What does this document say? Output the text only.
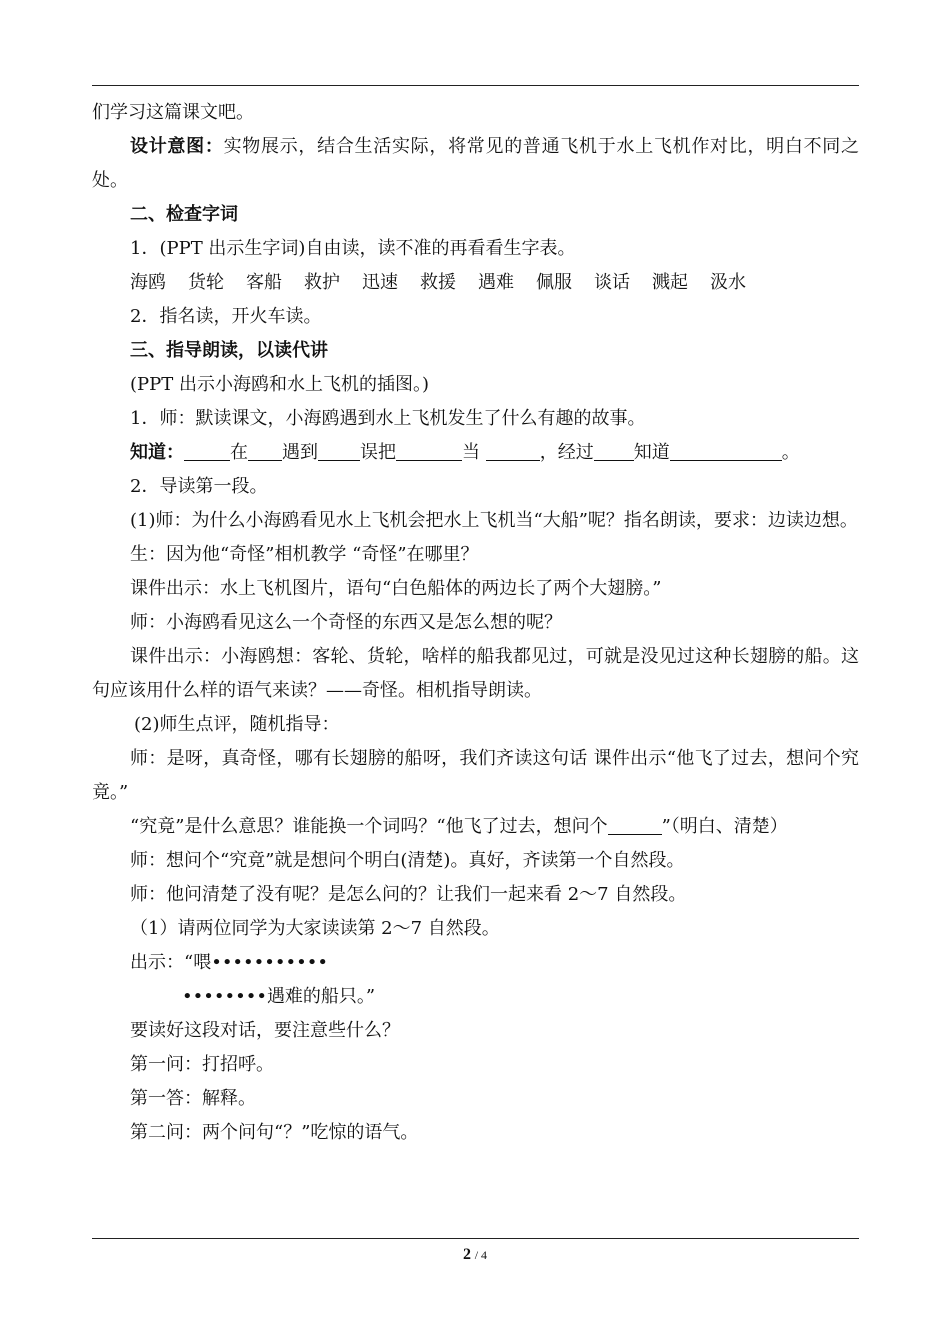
们学习这篇课文吧。

设计意图：实物展示，结合生活实际，将常见的普通飞机于水上飞机作对比，明白不同之处。

二、检查字词

1．(PPT 出示生字词)自由读，读不准的再看看生字表。

海鸥 货轮 客船 救护 迅速 救援 遇难 佩服 谈话 溅起 汲水

2．指名读，开火车读。

三、指导朗读，以读代讲

(PPT 出示小海鸥和水上飞机的插图。)

1．师：默读课文，小海鸥遇到水上飞机发生了什么有趣的故事。

知道：	在 遇到 误把	当	，经过 知道	。

2．导读第一段。

(1)师：为什么小海鸥看见水上飞机会把水上飞机当“大船”呢？指名朗读，要求：边读边想。

生：因为他“奇怪”相机教学 “奇怪”在哪里？

课件出示：水上飞机图片，语句“白色船体的两边长了两个大翅膀。”

师：小海鸥看见这么一个奇怪的东西又是怎么想的呢？

课件出示：小海鸥想：客轮、货轮，啥样的船我都见过，可就是没见过这种长翅膀的船。这句应该用什么样的语气来读？——奇怪。相机指导朗读。

(2)师生点评，随机指导：

师：是呀，真奇怪，哪有长翅膀的船呀，我们齐读这句话 课件出示“他飞了过去，想问个究竟。”

“究竟”是什么意思？谁能换一个词吗？“他飞了过去，想问个	”（明白、清楚）

师：想问个“究竟”就是想问个明白(清楚)。真好，齐读第一个自然段。

师：他问清楚了没有呢？是怎么问的？让我们一起来看 2～7 自然段。

（1）请两位同学为大家读读第 2～7 自然段。

出示：“喂•••••••••••

••••••••遇难的船只。”

要读好这段对话，要注意些什么？

第一问：打招呼。

第一答：解释。

第二问：两个问句“？”吃惊的语气。

2 / 4
